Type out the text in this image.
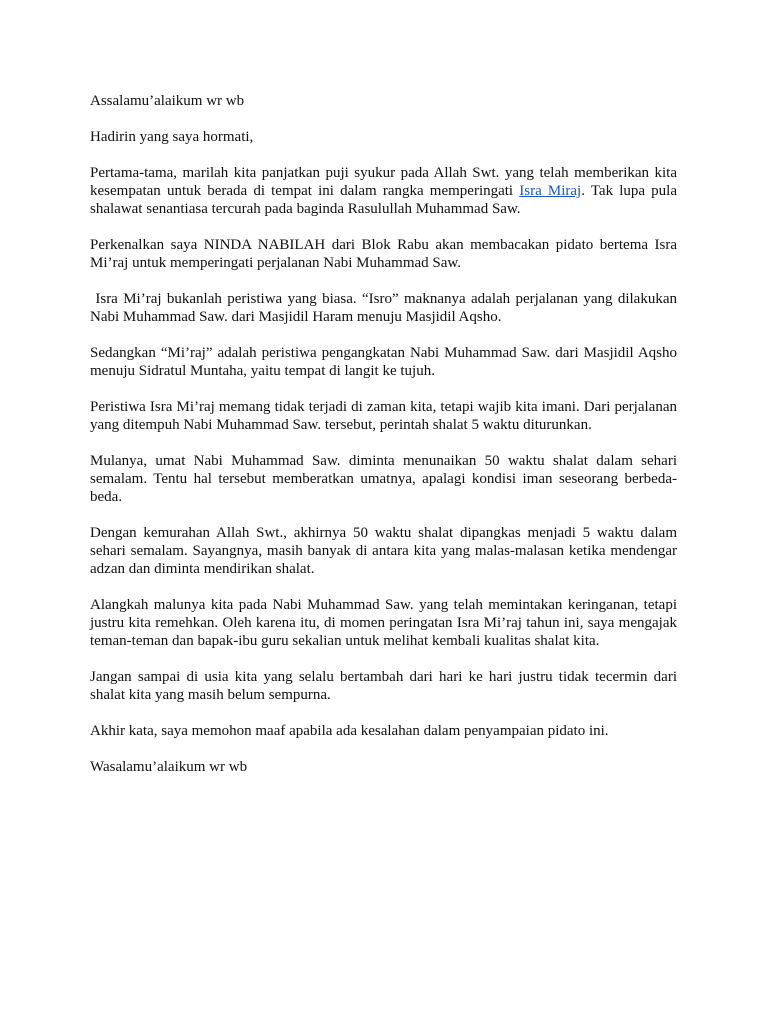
Assalamu’alaikum wr wb

Hadirin yang saya hormati,

Pertama-tama, marilah kita panjatkan puji syukur pada Allah Swt. yang telah memberikan kita kesempatan untuk berada di tempat ini dalam rangka memperingati Isra Miraj. Tak lupa pula shalawat senantiasa tercurah pada baginda Rasulullah Muhammad Saw.

Perkenalkan saya NINDA NABILAH dari Blok Rabu akan membacakan pidato bertema Isra Mi’raj untuk memperingati perjalanan Nabi Muhammad Saw.

Isra Mi’raj bukanlah peristiwa yang biasa. “Isro” maknanya adalah perjalanan yang dilakukan Nabi Muhammad Saw. dari Masjidil Haram menuju Masjidil Aqsho.

Sedangkan “Mi’raj” adalah peristiwa pengangkatan Nabi Muhammad Saw. dari Masjidil Aqsho menuju Sidratul Muntaha, yaitu tempat di langit ke tujuh.

Peristiwa Isra Mi’raj memang tidak terjadi di zaman kita, tetapi wajib kita imani. Dari perjalanan yang ditempuh Nabi Muhammad Saw. tersebut, perintah shalat 5 waktu diturunkan.

Mulanya, umat Nabi Muhammad Saw. diminta menunaikan 50 waktu shalat dalam sehari semalam. Tentu hal tersebut memberatkan umatnya, apalagi kondisi iman seseorang berbeda-beda.

Dengan kemurahan Allah Swt., akhirnya 50 waktu shalat dipangkas menjadi 5 waktu dalam sehari semalam. Sayangnya, masih banyak di antara kita yang malas-malasan ketika mendengar adzan dan diminta mendirikan shalat.

Alangkah malunya kita pada Nabi Muhammad Saw. yang telah memintakan keringanan, tetapi justru kita remehkan. Oleh karena itu, di momen peringatan Isra Mi’raj tahun ini, saya mengajak teman-teman dan bapak-ibu guru sekalian untuk melihat kembali kualitas shalat kita.

Jangan sampai di usia kita yang selalu bertambah dari hari ke hari justru tidak tecermin dari shalat kita yang masih belum sempurna.

Akhir kata, saya memohon maaf apabila ada kesalahan dalam penyampaian pidato ini.

Wasalamu’alaikum wr wb
